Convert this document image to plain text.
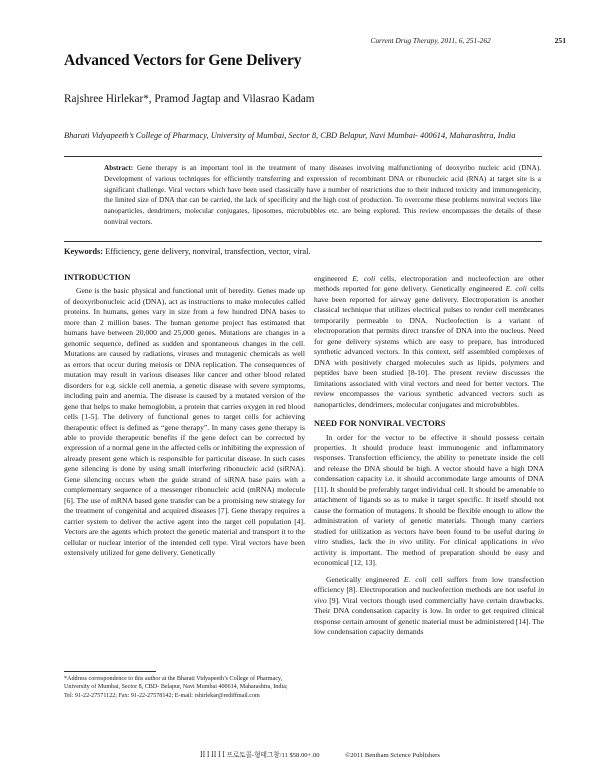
Current Drug Therapy, 2011, 6, 251-262	251
Advanced Vectors for Gene Delivery
Rajshree Hirlekar*, Pramod Jagtap and Vilasrao Kadam
Bharati Vidyapeeth’s College of Pharmacy, University of Mumbai, Sector 8, CBD Belapur, Navi Mumbai- 400614, Maharashtra, India
Abstract: Gene therapy is an important tool in the treatment of many diseases involving malfunctioning of deoxyribo nucleic acid (DNA). Development of various techniques for efficiently transferring and expression of recombinant DNA or ribonucleic acid (RNA) at target site is a significant challenge. Viral vectors which have been used classically have a number of restrictions due to their induced toxicity and immunogenicity, the limited size of DNA that can be carried, the lack of specificity and the high cost of production. To overcome these problems nonviral vectors like nanoparticles, dendrimers, molecular conjugates, liposomes, microbubbles etc. are being explored. This review encompasses the details of these nonviral vectors.
Keywords: Efficiency, gene delivery, nonviral, transfection, vector, viral.
INTRODUCTION

Gene is the basic physical and functional unit of heredity. Genes made up of deoxyribonucleic acid (DNA), act as instructions to make molecules called proteins. In humans, genes vary in size from a few hundred DNA bases to more than 2 million bases. The human genome project has estimated that humans have between 20,000 and 25,000 genes. Mutations are changes in a genomic sequence, defined as sudden and spontaneous changes in the cell. Mutations are caused by radiations, viruses and mutagenic chemicals as well as errors that occur during meiosis or DNA replication. The consequences of mutation may result in various diseases like cancer and other blood related disorders for e.g. sickle cell anemia, a genetic disease with severe symptoms, including pain and anemia. The disease is caused by a mutated version of the gene that helps to make hemoglobin, a protein that carries oxygen in red blood cells [1-5]. The delivery of functional genes to target cells for achieving therapeutic effect is defined as “gene therapy”. In many cases gene therapy is able to provide therapeutic benefits if the gene defect can be corrected by expression of a normal gene in the affected cells or inhibiting the expression of already present gene which is responsible for particular disease. In such cases gene silencing is done by using small interfering ribonucleic acid (siRNA). Gene silencing occurs when the guide strand of siRNA base pairs with a complementary sequence of a messenger ribonucleic acid (mRNA) molecule [6]. The use of mRNA based gene transfer can be a promising new strategy for the treatment of congenital and acquired diseases [7]. Gene therapy requires a carrier system to deliver the active agent into the target cell population [4]. Vectors are the agents which protect the genetic material and transport it to the cellular or nuclear interior of the intended cell type. Viral vectors have been extensively utilized for gene delivery. Genetically

engineered E. coli cells, electroporation and nucleofection are other methods reported for gene delivery. Genetically engineered E. coli cells have been reported for airway gene delivery. Electroporation is another classical technique that utilizes electrical pulses to render cell membranes temporarily permeable to DNA. Nucleofection is a variant of electroporation that permits direct transfer of DNA into the nucleus. Need for gene delivery systems which are easy to prepare, has introduced synthetic advanced vectors. In this context, self assembled complexes of DNA with positively charged molecules such as lipids, polymers and peptides have been studied [8-10]. The present review discusses the limitations associated with viral vectors and need for better vectors. The review encompasses the various synthetic advanced vectors such as nanoparticles, dendrimers, molecular conjugates and microbubbles.

NEED FOR NONVIRAL VECTORS

In order for the vector to be effective it should possess certain properties. It should produce least immunogenic and inflammatory responses. Transfection efficiency, the ability to penetrate inside the cell and release the DNA should be high. A vector should have a high DNA condensation capacity i.e. it should accommodate large amounts of DNA [11]. It should be preferably target individual cell. It should be amenable to attachment of ligands so as to make it target specific. It itself should not cause the formation of mutagens. It should be flexible enough to allow the administration of variety of genetic materials. Though many carriers studied for utilization as vectors have been found to be useful during in vitro studies, lack the in vivo utility. For clinical applications in vivo activity is important. The method of preparation should be easy and economical [12, 13].

Genetically engineered E. coli cell suffers from low transfection efficiency [8]. Electroporation and nucleofection methods are not useful in vivo [9]. Viral vectors though used commercially have certain drawbacks. Their DNA condensation capacity is low. In order to get required clinical response certain amount of genetic material must be administered [14]. The low condensation capacity demands

*Address correspondence to this author at the Bharati Vidyapeeth’s College of Pharmacy, University of Mumbai, Sector 8, CBD- Belapur, Navi Mumbai 400614, Maharashtra, India; Tel: 91-22-27571122; Fax: 91-22-27578142; E-mail: rshirlekar@rediffmail.com
ꟾꟾ ꟾ ꟾꟾ ꟾ ꟾ 프로토콜-형태그창/11 $58.00+.00	©2011 Bentham Science Publishers
